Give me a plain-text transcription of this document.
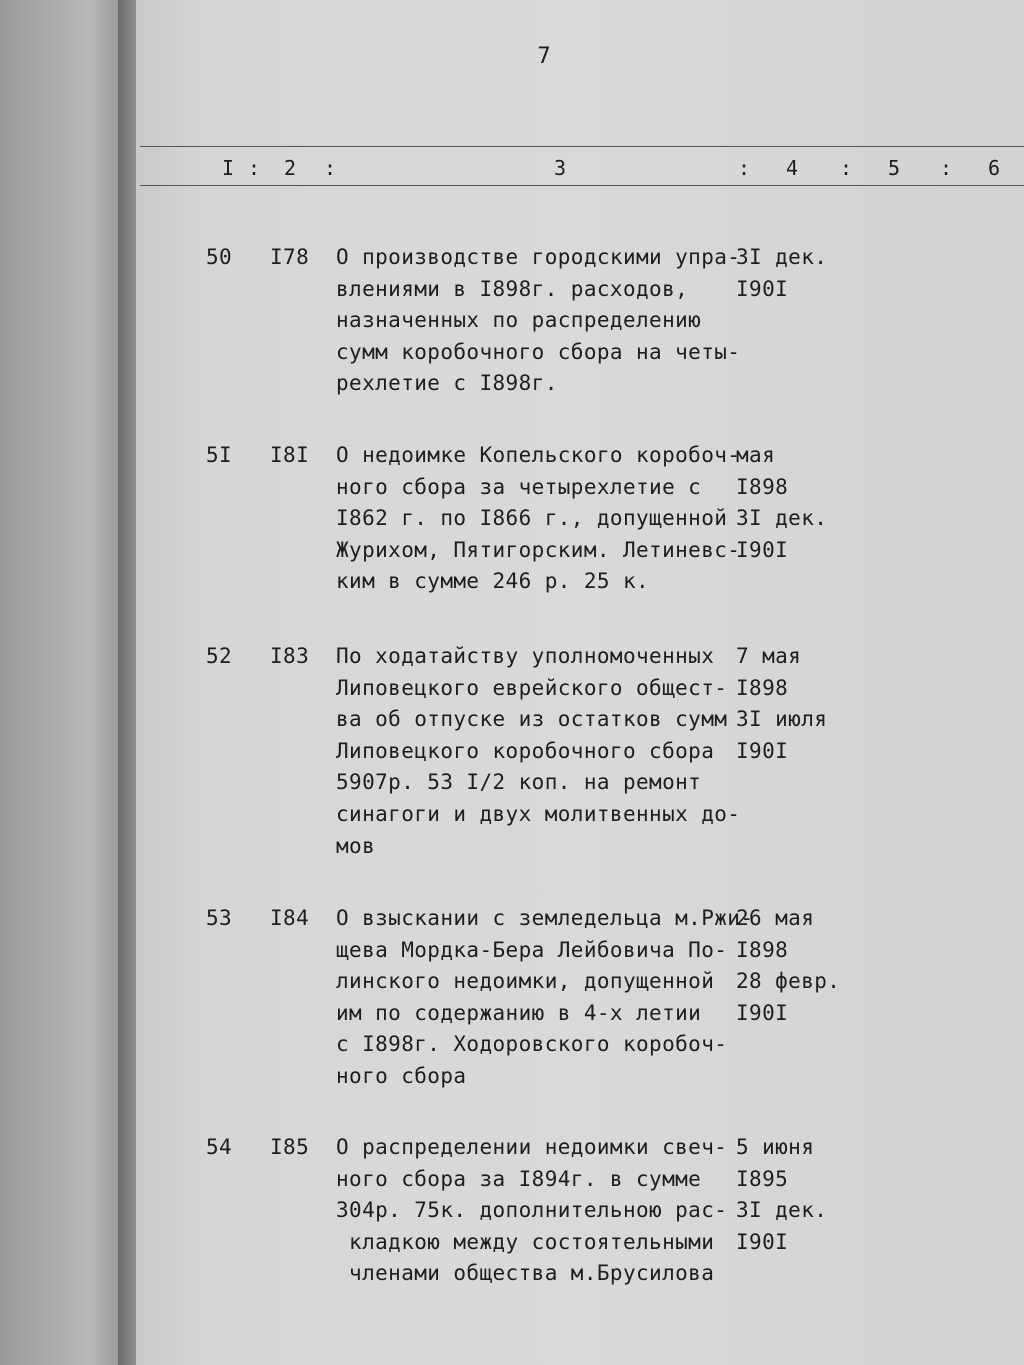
7
I : 2 :	3	: 4 : 5 : 6
50 I78 О производстве городскими упра-
влениями в I898г. расходов,
назначенных по распределению
сумм коробочного сбора на четы-
рехлетие с I898г.
3I дек.
I90I
5I I8I О недоимке Копельского коробоч-
ного сбора за четырехлетие с
I862 г. по I866 г., допущенной
Журихом, Пятигорским. Летиневс-
ким в сумме 246 р. 25 к.
мая
I898
3I дек.
I90I
52 I83 По ходатайству уполномоченных
Липовецкого еврейского общест-
ва об отпуске из остатков сумм
Липовецкого коробочного сбора
5907р. 53 I/2 коп. на ремонт
синагоги и двух молитвенных до-
мов
7 мая
I898
3I июля
I90I
53 I84 О взыскании с земледельца м.Ржи-
щева Мордка-Бера Лейбовича По-
линского недоимки, допущенной
им по содержанию в 4-х летии
с I898г. Ходоровского коробоч-
ного сбора
26 мая
I898
28 февр.
I90I
54 I85 О распределении недоимки свеч-
ного сбора за I894г. в сумме
304р. 75к. дополнительною рас-
кладкою между состоятельными
членами общества м.Брусилова
5 июня
I895
3I дек.
I90I
